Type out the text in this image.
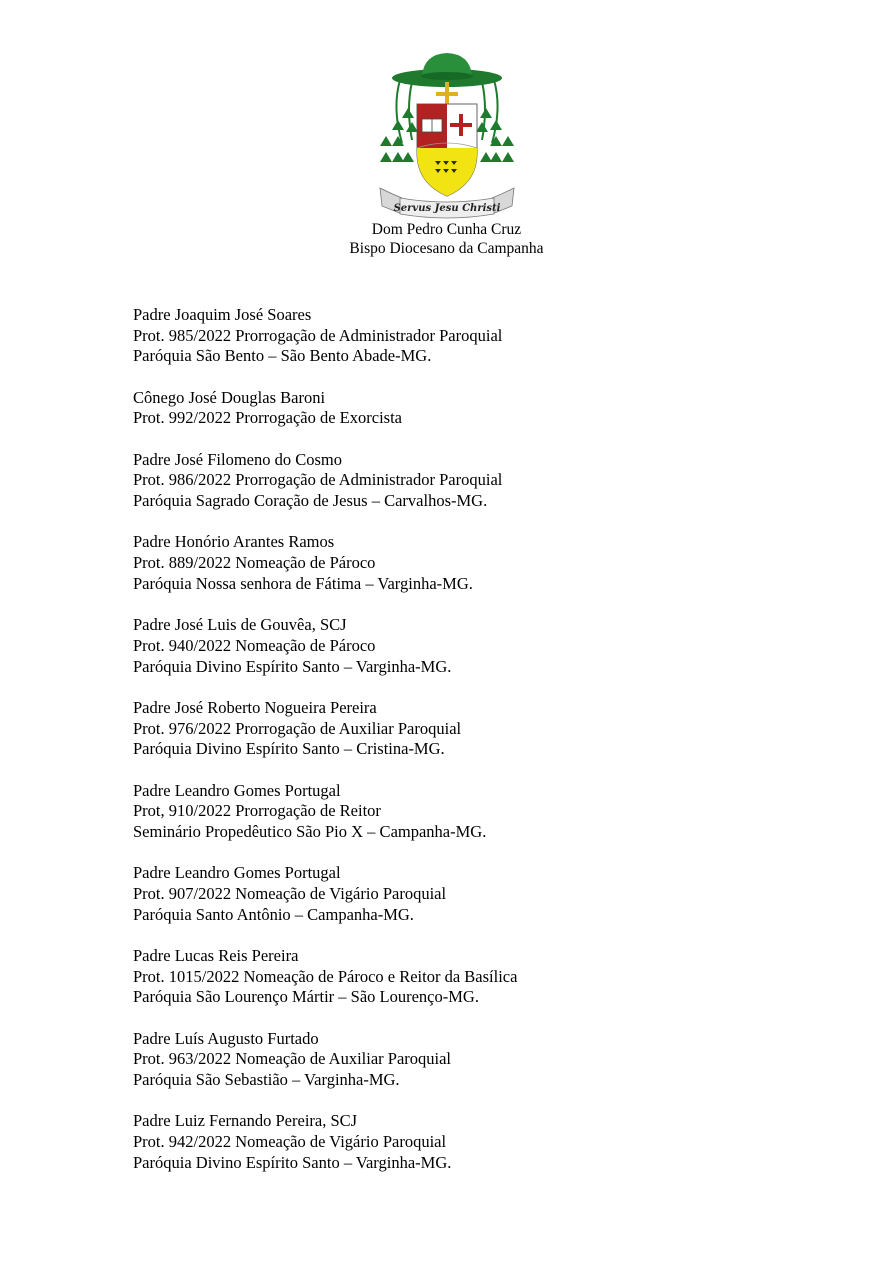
Servus Jesu Christi
Dom Pedro Cunha Cruz
Bispo Diocesano da Campanha
Padre Joaquim José Soares
Prot. 985/2022 Prorrogação de Administrador Paroquial
Paróquia São Bento – São Bento Abade-MG.
Cônego José Douglas Baroni
Prot. 992/2022 Prorrogação de Exorcista
Padre José Filomeno do Cosmo
Prot. 986/2022 Prorrogação de Administrador Paroquial
Paróquia Sagrado Coração de Jesus – Carvalhos-MG.
Padre Honório Arantes Ramos
Prot. 889/2022 Nomeação de Pároco
Paróquia Nossa senhora de Fátima – Varginha-MG.
Padre José Luis de Gouvêa, SCJ
Prot. 940/2022 Nomeação de Pároco
Paróquia Divino Espírito Santo – Varginha-MG.
Padre José Roberto Nogueira Pereira
Prot. 976/2022 Prorrogação de Auxiliar Paroquial
Paróquia Divino Espírito Santo – Cristina-MG.
Padre Leandro Gomes Portugal
Prot, 910/2022 Prorrogação de Reitor
Seminário Propedêutico São Pio X – Campanha-MG.
Padre Leandro Gomes Portugal
Prot. 907/2022 Nomeação de Vigário Paroquial
Paróquia Santo Antônio – Campanha-MG.
Padre Lucas Reis Pereira
Prot. 1015/2022 Nomeação de Pároco e Reitor da Basílica
Paróquia São Lourenço Mártir – São Lourenço-MG.
Padre Luís Augusto Furtado
Prot. 963/2022 Nomeação de Auxiliar Paroquial
Paróquia São Sebastião – Varginha-MG.
Padre Luiz Fernando Pereira, SCJ
Prot. 942/2022 Nomeação de Vigário Paroquial
Paróquia Divino Espírito Santo – Varginha-MG.
